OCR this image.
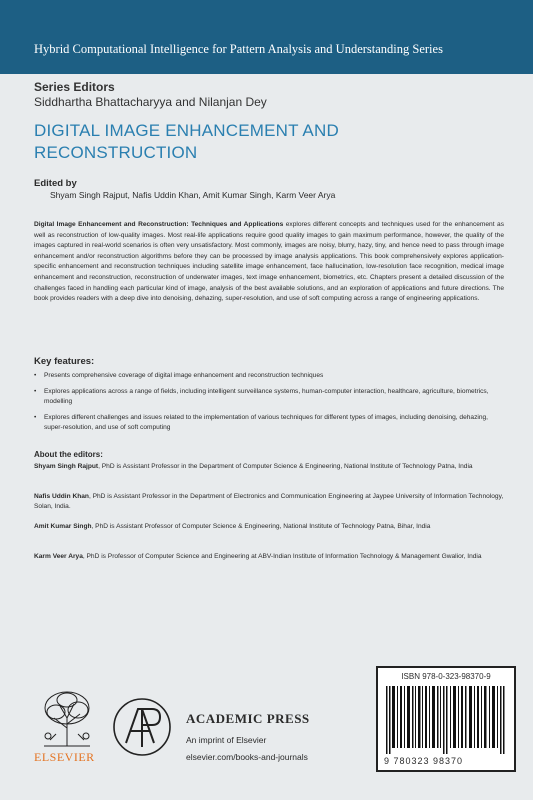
Hybrid Computational Intelligence for Pattern Analysis and Understanding Series
Series Editors
Siddhartha Bhattacharyya and Nilanjan Dey
DIGITAL IMAGE ENHANCEMENT AND
RECONSTRUCTION
Edited by
Shyam Singh Rajput, Nafis Uddin Khan, Amit Kumar Singh, Karm Veer Arya
Digital Image Enhancement and Reconstruction: Techniques and Applications explores different concepts and techniques used for the enhancement as well as reconstruction of low-quality images. Most real-life applications require good quality images to gain maximum performance, however, the quality of the images captured in real-world scenarios is often very unsatisfactory. Most commonly, images are noisy, blurry, hazy, tiny, and hence need to pass through image enhancement and/or reconstruction algorithms before they can be processed by image analysis applications. This book comprehensively explores application-specific enhancement and reconstruction techniques including satellite image enhancement, face hallucination, low-resolution face recognition, medical image enhancement and reconstruction, reconstruction of underwater images, text image enhancement, biometrics, etc. Chapters present a detailed discussion of the challenges faced in handling each particular kind of image, analysis of the best available solutions, and an exploration of applications and future directions. The book provides readers with a deep dive into denoising, dehazing, super-resolution, and use of soft computing across a range of engineering applications.
Key features:
• Presents comprehensive coverage of digital image enhancement and reconstruction techniques
• Explores applications across a range of fields, including intelligent surveillance systems, human-computer interaction, healthcare, agriculture, biometrics, modelling
• Explores different challenges and issues related to the implementation of various techniques for different types of images, including denoising, dehazing, super-resolution, and use of soft computing
About the editors:
Shyam Singh Rajput, PhD is Assistant Professor in the Department of Computer Science & Engineering, National Institute of Technology Patna, India
Nafis Uddin Khan, PhD is Assistant Professor in the Department of Electronics and Communication Engineering at Jaypee University of Information Technology, Solan, India.
Amit Kumar Singh, PhD is Assistant Professor of Computer Science & Engineering, National Institute of Technology Patna, Bihar, India
Karm Veer Arya, PhD is Professor of Computer Science and Engineering at ABV-Indian Institute of Information Technology & Management Gwalior, India
ELSEVIER
ACADEMIC PRESS
An imprint of Elsevier
elsevier.com/books-and-journals
ISBN 978-0-323-98370-9
9 780323 98370
